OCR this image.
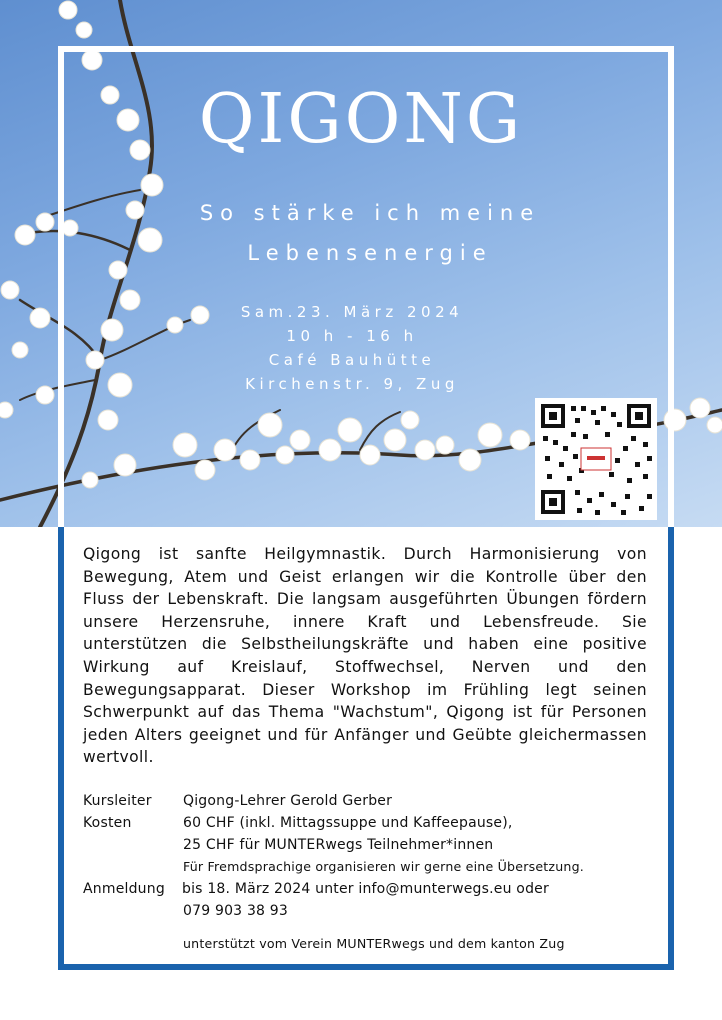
QIGONG
So stärke ich meine
Lebensenergie
Sam.23. März 2024
10 h - 16 h
Café Bauhütte
Kirchenstr. 9, Zug
Qigong ist sanfte Heilgymnastik. Durch Harmonisierung von Bewegung, Atem und Geist erlangen wir die Kontrolle über den Fluss der Lebenskraft. Die langsam ausgeführten Übungen fördern unsere Herzensruhe, innere Kraft und Lebensfreude. Sie unterstützen die Selbstheilungskräfte und haben eine positive Wirkung auf Kreislauf, Stoffwechsel, Nerven und den Bewegungsapparat. Dieser Workshop im Frühling legt seinen Schwerpunkt auf das Thema "Wachstum", Qigong ist für Personen jeden Alters geeignet und für Anfänger und Geübte gleichermassen wertvoll.
Kursleiter Qigong-Lehrer Gerold Gerber
Kosten	60 CHF (inkl. Mittagssuppe und Kaffeepause),
25 CHF für MUNTERwegs Teilnehmer*innen
Für Fremdsprachige organisieren wir gerne eine Übersetzung.
Anmeldung bis 18. März 2024 unter info@munterwegs.eu oder
079 903 38 93
unterstützt vom Verein MUNTERwegs und dem kanton Zug
